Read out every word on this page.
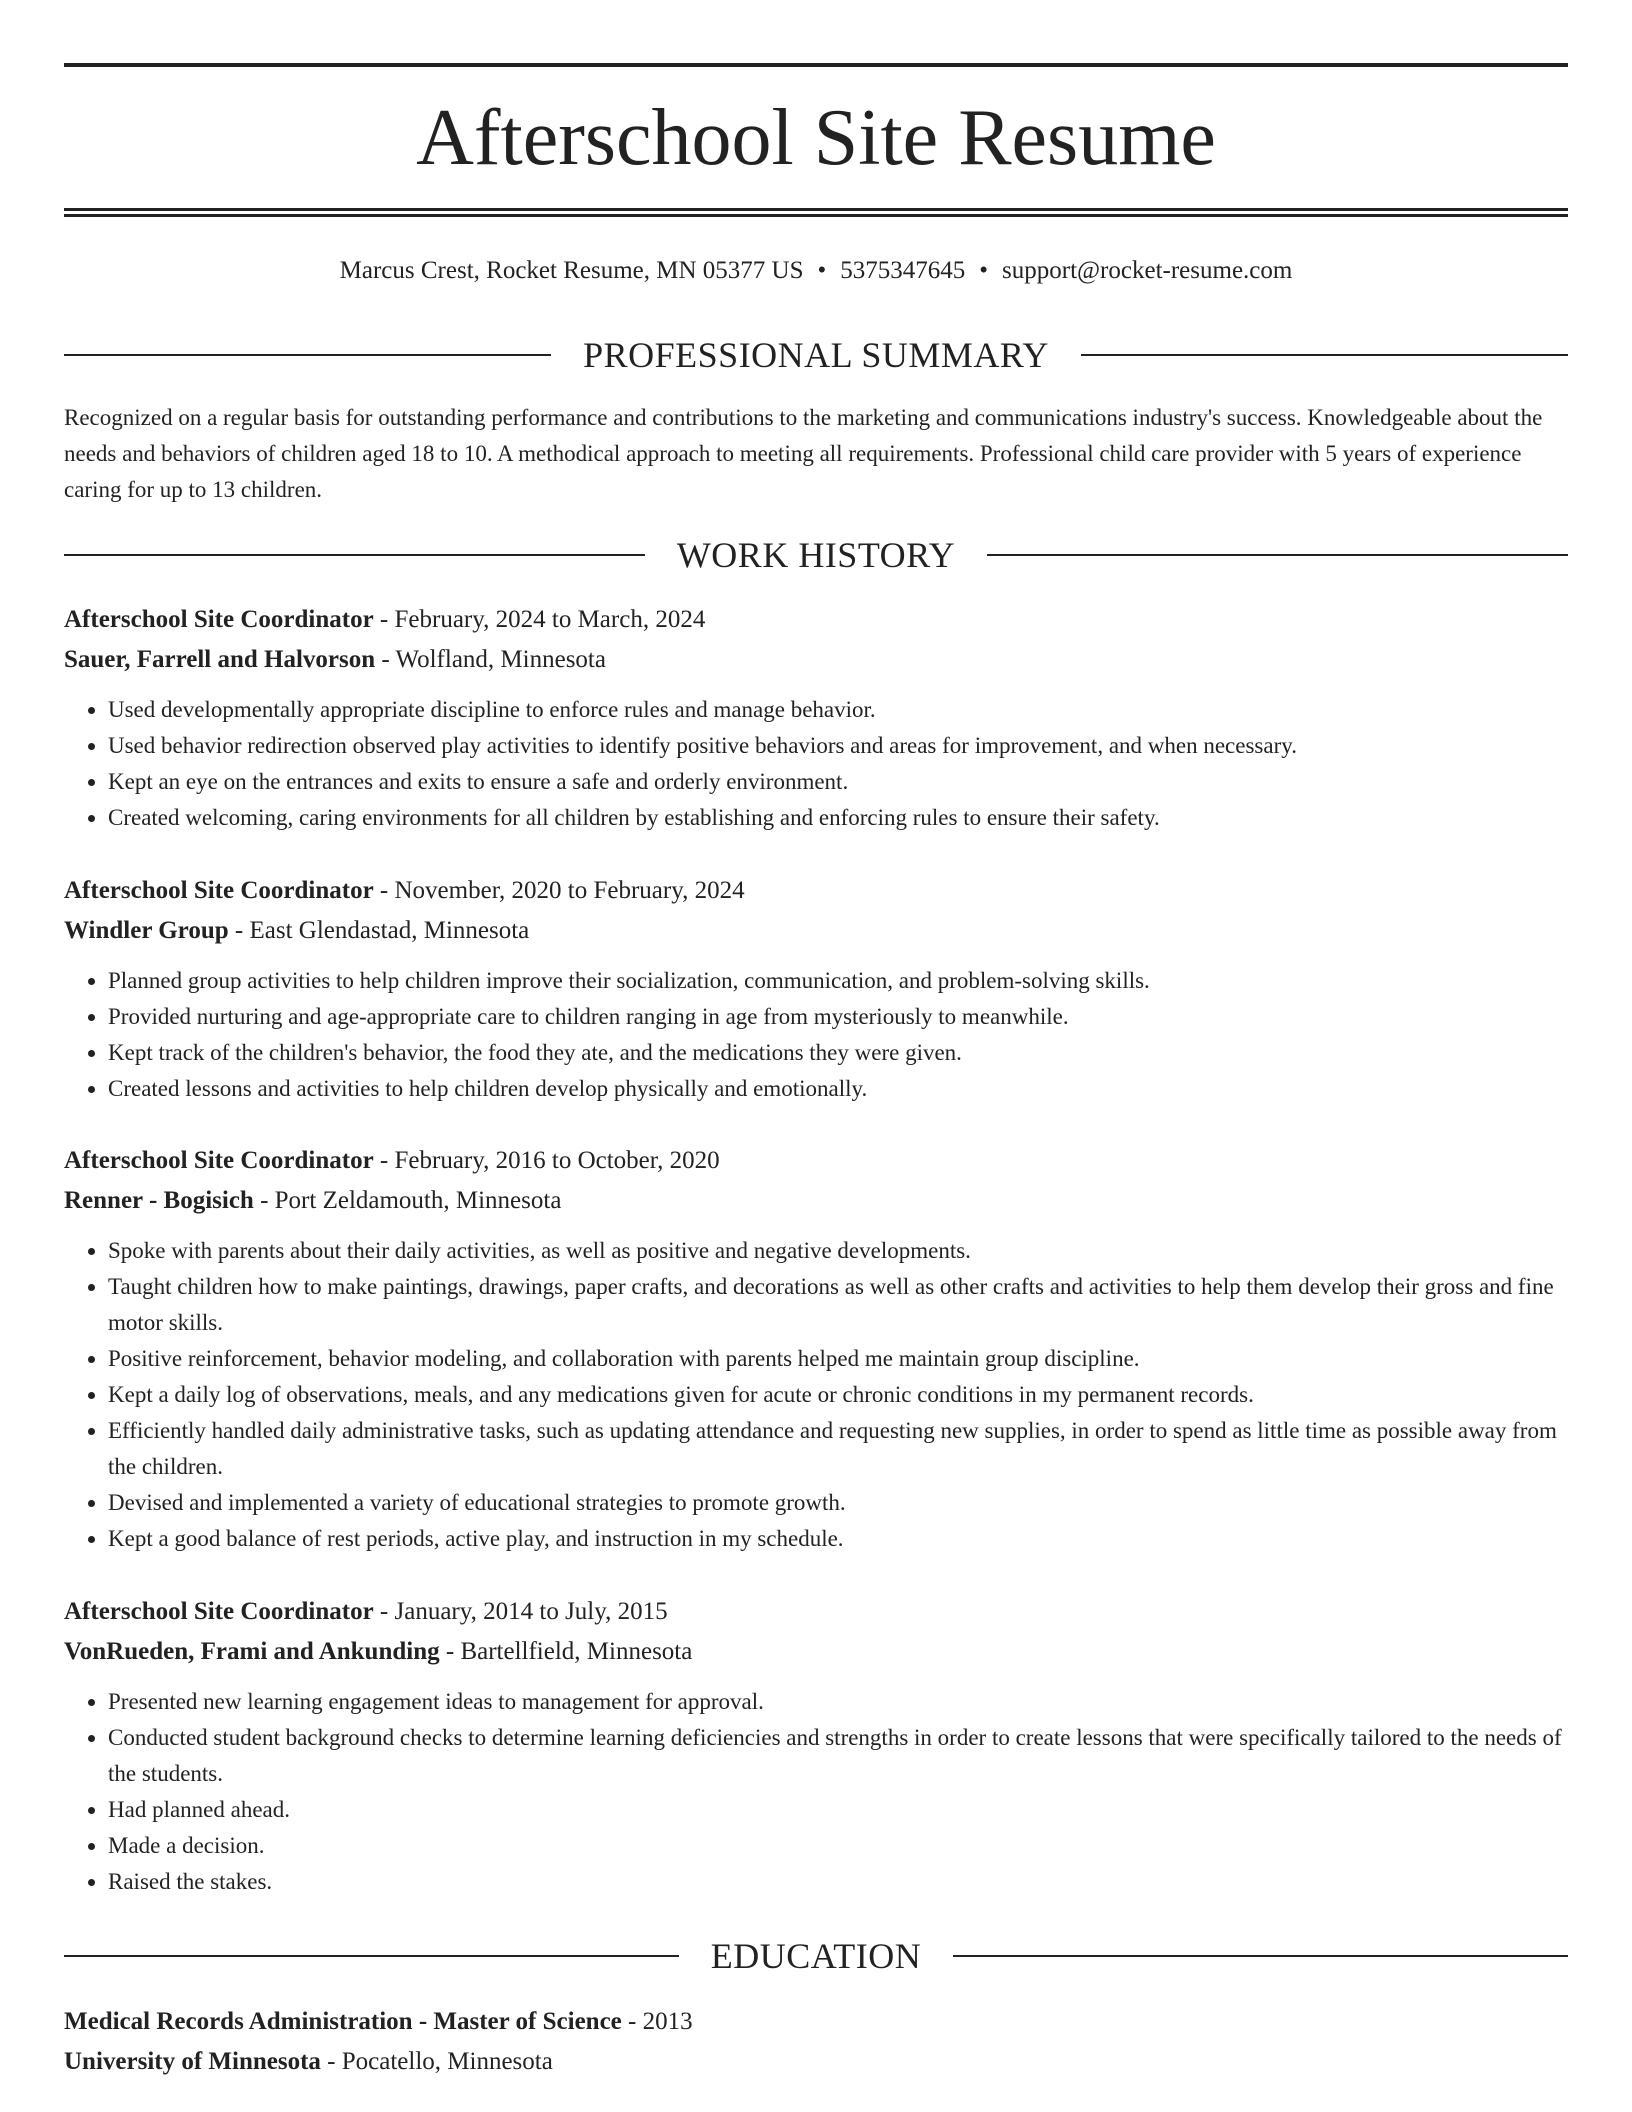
Afterschool Site Resume
Marcus Crest, Rocket Resume, MN 05377 US • 5375347645 • support@rocket-resume.com
PROFESSIONAL SUMMARY

Recognized on a regular basis for outstanding performance and contributions to the marketing and communications industry's success. Knowledgeable about the needs and behaviors of children aged 18 to 10. A methodical approach to meeting all requirements. Professional child care provider with 5 years of experience caring for up to 13 children.

WORK HISTORY

Afterschool Site Coordinator - February, 2024 to March, 2024

Sauer, Farrell and Halvorson - Wolfland, Minnesota

• Used developmentally appropriate discipline to enforce rules and manage behavior.
• Used behavior redirection observed play activities to identify positive behaviors and areas for improvement, and when necessary.
• Kept an eye on the entrances and exits to ensure a safe and orderly environment.
• Created welcoming, caring environments for all children by establishing and enforcing rules to ensure their safety.

Afterschool Site Coordinator - November, 2020 to February, 2024

Windler Group - East Glendastad, Minnesota

• Planned group activities to help children improve their socialization, communication, and problem-solving skills.
• Provided nurturing and age-appropriate care to children ranging in age from mysteriously to meanwhile.
• Kept track of the children's behavior, the food they ate, and the medications they were given.
• Created lessons and activities to help children develop physically and emotionally.

Afterschool Site Coordinator - February, 2016 to October, 2020

Renner - Bogisich - Port Zeldamouth, Minnesota

• Spoke with parents about their daily activities, as well as positive and negative developments.
• Taught children how to make paintings, drawings, paper crafts, and decorations as well as other crafts and activities to help them develop their gross and fine motor skills.
• Positive reinforcement, behavior modeling, and collaboration with parents helped me maintain group discipline.
• Kept a daily log of observations, meals, and any medications given for acute or chronic conditions in my permanent records.
• Efficiently handled daily administrative tasks, such as updating attendance and requesting new supplies, in order to spend as little time as possible away from the children.
• Devised and implemented a variety of educational strategies to promote growth.
• Kept a good balance of rest periods, active play, and instruction in my schedule.

Afterschool Site Coordinator - January, 2014 to July, 2015

VonRueden, Frami and Ankunding - Bartellfield, Minnesota

• Presented new learning engagement ideas to management for approval.
• Conducted student background checks to determine learning deficiencies and strengths in order to create lessons that were specifically tailored to the needs of the students.
• Had planned ahead.
• Made a decision.
• Raised the stakes.
EDUCATION

Medical Records Administration - Master of Science - 2013

University of Minnesota - Pocatello, Minnesota
